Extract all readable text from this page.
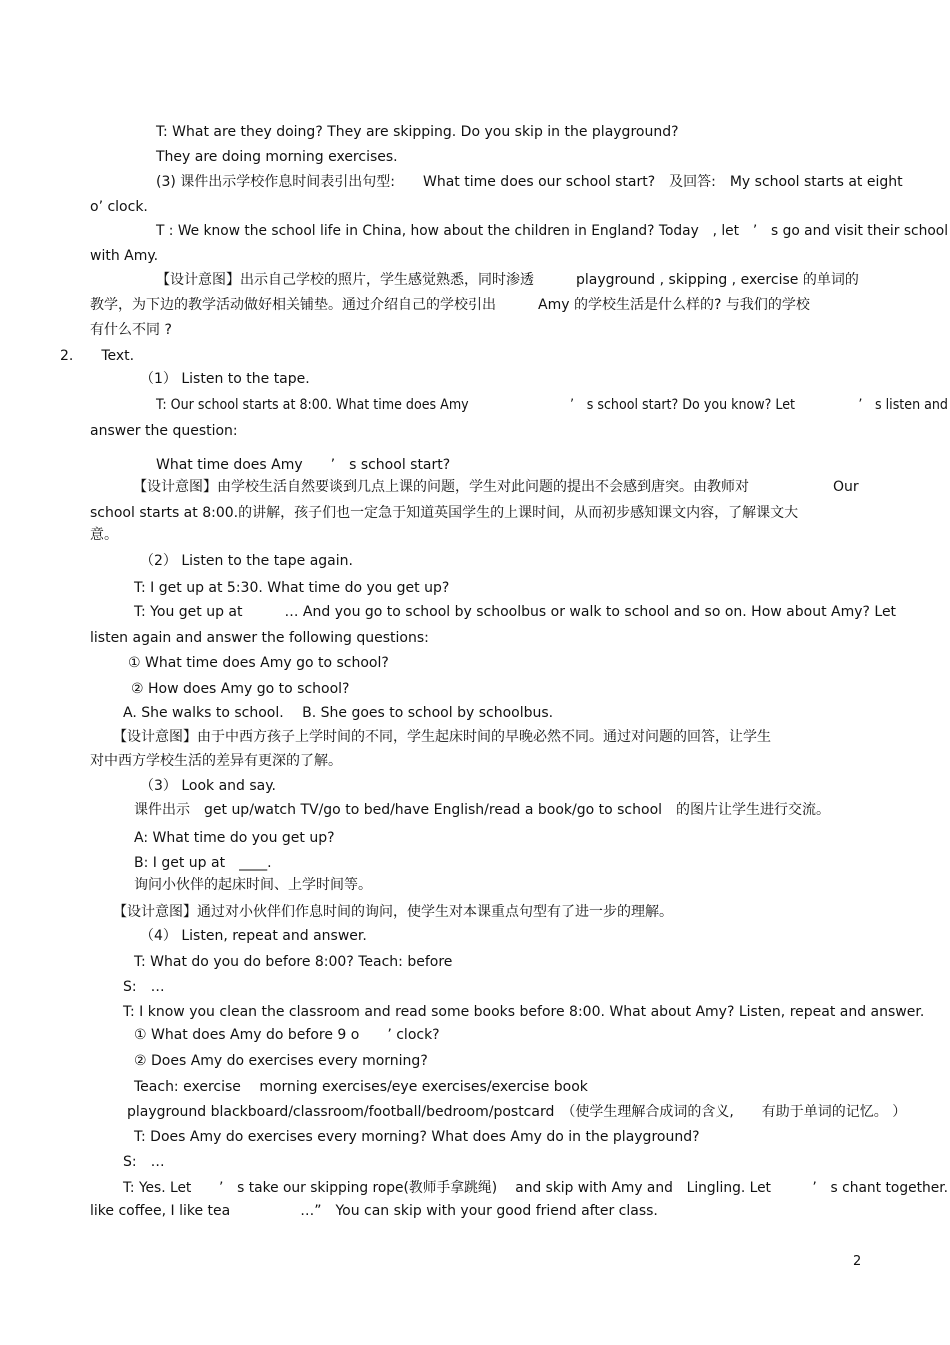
T: What are they doing? They are skipping. Do you skip in the playground?
They are doing morning exercises.
(3) 课件出示学校作息时间表引出句型:　　What time does our school start?　及回答:　My school starts at eight
o’ clock.
T : We know the school life in China, how about the children in England? Today　, let　’　s go and visit their school
with Amy.
【设计意图】出示自己学校的照片，学生感觉熟悉，同时渗透　　　playground , skipping , exercise 的单词的
教学，为下边的教学活动做好相关铺垫。通过介绍自己的学校引出　　　Amy 的学校生活是什么样的? 与我们的学校
有什么不同 ?
2.　　Text.
（1） Listen to the tape.
T: Our school starts at 8:00. What time does Amy　　　　　　　　’　s school start? Do you know? Let　　　　　’　s listen and
answer the question:
What time does Amy　　’　s school start?
【设计意图】由学校生活自然要谈到几点上课的问题，学生对此问题的提出不会感到唐突。由教师对　　　　　　Our
school starts at 8:00.的讲解，孩子们也一定急于知道英国学生的上课时间，从而初步感知课文内容，了解课文大
意。
（2） Listen to the tape again.
T: I get up at 5:30. What time do you get up?
T: You get up at　　　… And you go to school by schoolbus or walk to school and so on. How about Amy? Let
listen again and answer the following questions:
① What time does Amy go to school?
② How does Amy go to school?
A. She walks to school.　 B. She goes to school by schoolbus.
【设计意图】由于中西方孩子上学时间的不同，学生起床时间的早晚必然不同。通过对问题的回答，让学生
对中西方学校生活的差异有更深的了解。
（3） Look and say.
课件出示　get up/watch TV/go to bed/have English/read a book/go to school　的图片让学生进行交流。
A: What time do you get up?
B: I get up at　____.
询问小伙伴的起床时间、上学时间等。
【设计意图】通过对小伙伴们作息时间的询问，使学生对本课重点句型有了进一步的理解。
（4） Listen, repeat and answer.
T: What do you do before 8:00? Teach: before
S:　…
T: I know you clean the classroom and read some books before 8:00. What about Amy? Listen, repeat and answer.
① What does Amy do before 9 o　　’ clock?
② Does Amy do exercises every morning?
Teach: exercise　 morning exercises/eye exercises/exercise book
playground blackboard/classroom/football/bedroom/postcard　（使学生理解合成词的含义,　　有助于单词的记忆。 ）
T: Does Amy do exercises every morning? What does Amy do in the playground?
S:　…
T: Yes. Let　　’　s take our skipping rope(教师手拿跳绳)　 and skip with Amy and　Lingling. Let　　　’　s chant together.
like coffee, I like tea　　　　　…”　You can skip with your good friend after class.
2
